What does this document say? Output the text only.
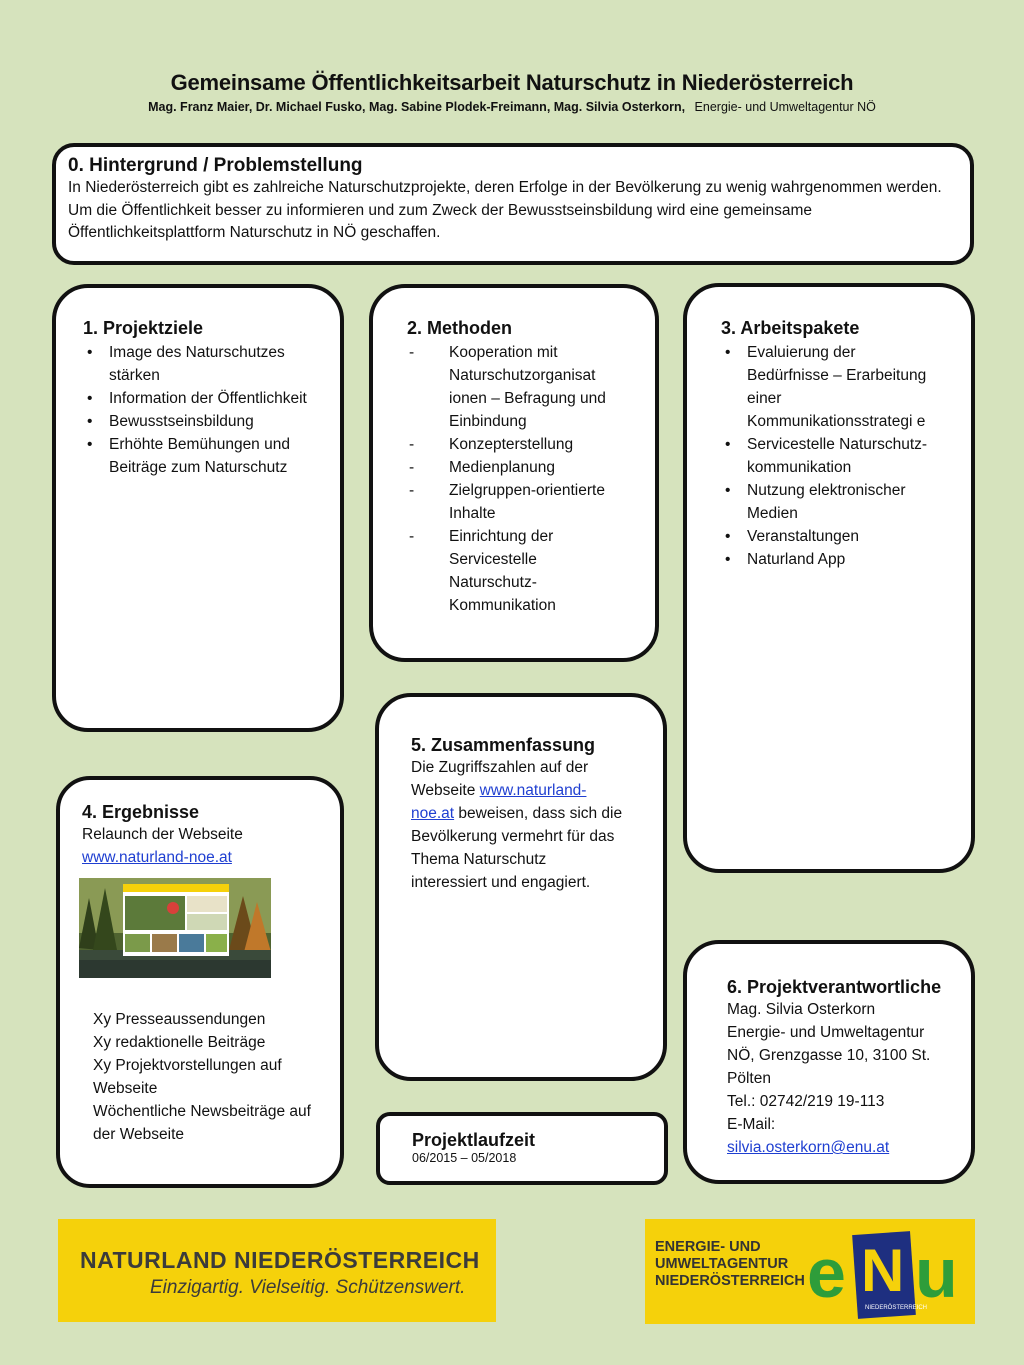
Gemeinsame Öffentlichkeitsarbeit Naturschutz in Niederösterreich
Mag. Franz Maier, Dr. Michael Fusko, Mag. Sabine Plodek-Freimann, Mag. Silvia Osterkorn, Energie- und Umweltagentur NÖ
0. Hintergrund / Problemstellung
In Niederösterreich gibt es zahlreiche Naturschutzprojekte, deren Erfolge in der Bevölkerung zu wenig wahrgenommen werden. Um die Öffentlichkeit besser zu informieren und zum Zweck der Bewusstseinsbildung wird eine gemeinsame Öffentlichkeitsplattform Naturschutz in NÖ geschaffen.
1. Projektziele
• Image des Naturschutzes stärken
• Information der Öffentlichkeit
• Bewusstseinsbildung
• Erhöhte Bemühungen und Beiträge zum Naturschutz
2. Methoden
- Kooperation mit Naturschutzorganisat ionen – Befragung und Einbindung
- Konzepterstellung
- Medienplanung
- Zielgruppen-orientierte Inhalte
- Einrichtung der Servicestelle Naturschutz-Kommunikation
3. Arbeitspakete
• Evaluierung der Bedürfnisse – Erarbeitung einer Kommunikationsstrategi e
• Servicestelle Naturschutz-kommunikation
• Nutzung elektronischer Medien
• Veranstaltungen
• Naturland App
4. Ergebnisse
Relaunch der Webseite
www.naturland-noe.at
Xy Presseaussendungen
Xy redaktionelle Beiträge
Xy Projektvorstellungen auf Webseite
Wöchentliche Newsbeiträge auf der Webseite
5. Zusammenfassung
Die Zugriffszahlen auf der Webseite www.naturland-noe.at beweisen, dass sich die Bevölkerung vermehrt für das Thema Naturschutz interessiert und engagiert.
6. Projektverantwortliche
Mag. Silvia Osterkorn
Energie- und Umweltagentur NÖ, Grenzgasse 10, 3100 St. Pölten
Tel.: 02742/219 19-113
E-Mail:
silvia.osterkorn@enu.at
Projektlaufzeit
06/2015 – 05/2018
NATURLAND NIEDERÖSTERREICH
Einzigartig. Vielseitig. Schützenswert.
ENERGIE- UND
UMWELTAGENTUR
NIEDERÖSTERREICH e N
NIEDERÖSTERREICH
u
